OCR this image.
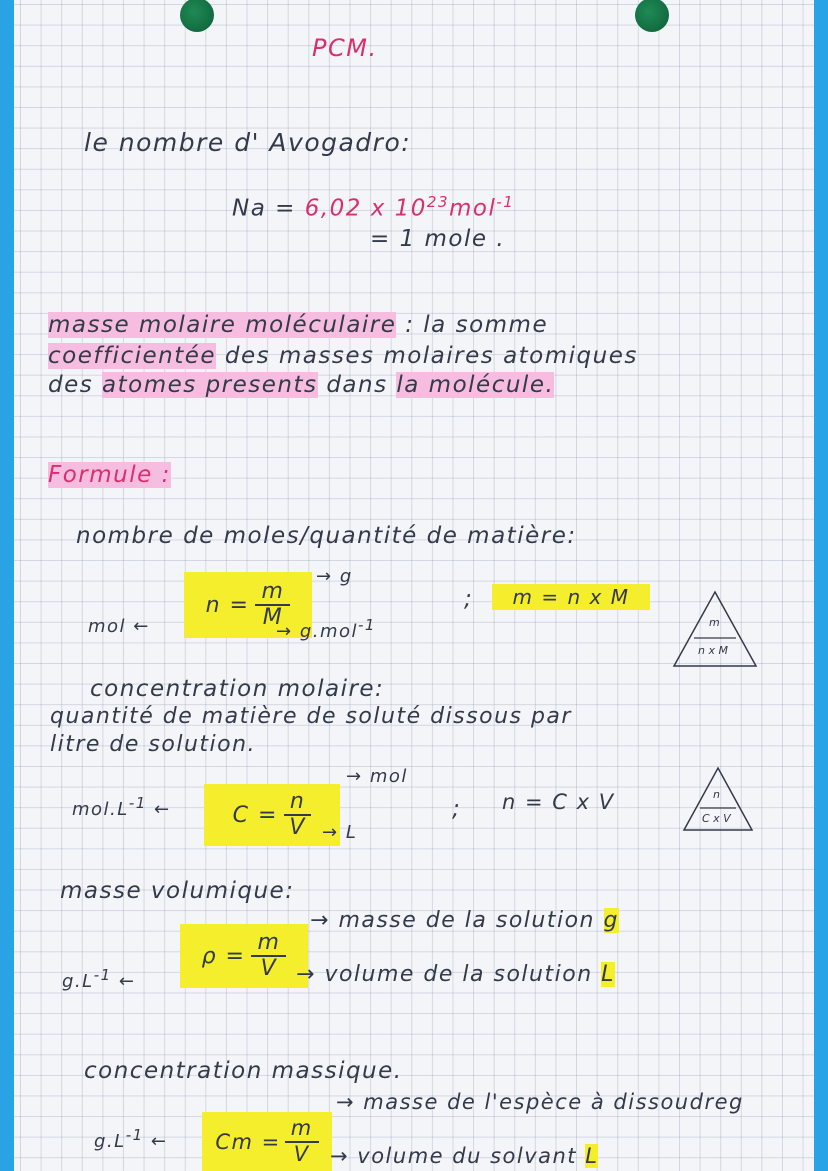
PCM.
le nombre d' Avogadro:
Na = 6,02 x $10^{23}mol^{-1}$
= 1 mole .
masse molaire moléculaire : la somme
coefficientée des masses molaires atomiques
des atomes presents dans la molécule.
Formule :
nombre de moles/quantité de matière:
mol ←
$n = \frac{m}{M}$
→ g
→ g.mol$^{-1}$
; m = n x M
m
n x M
concentration molaire:
quantité de matière de soluté dissous par
litre de solution.
$mol.L^{-1}$ ←	$C = \frac{n}{V}$
→ mol
→ L
; n = C x V	n
C x V
masse volumique:
$g.L^{-1}$ ←
$\rho = \frac{m}{V}$
→ masse de la solution g
→ volume de la solution L
concentration massique.
$g.L^{-1}$ ← $Cm = \frac{m}{V}$
→ masse de l'espèce à dissoudreg
→ volume du solvant L
